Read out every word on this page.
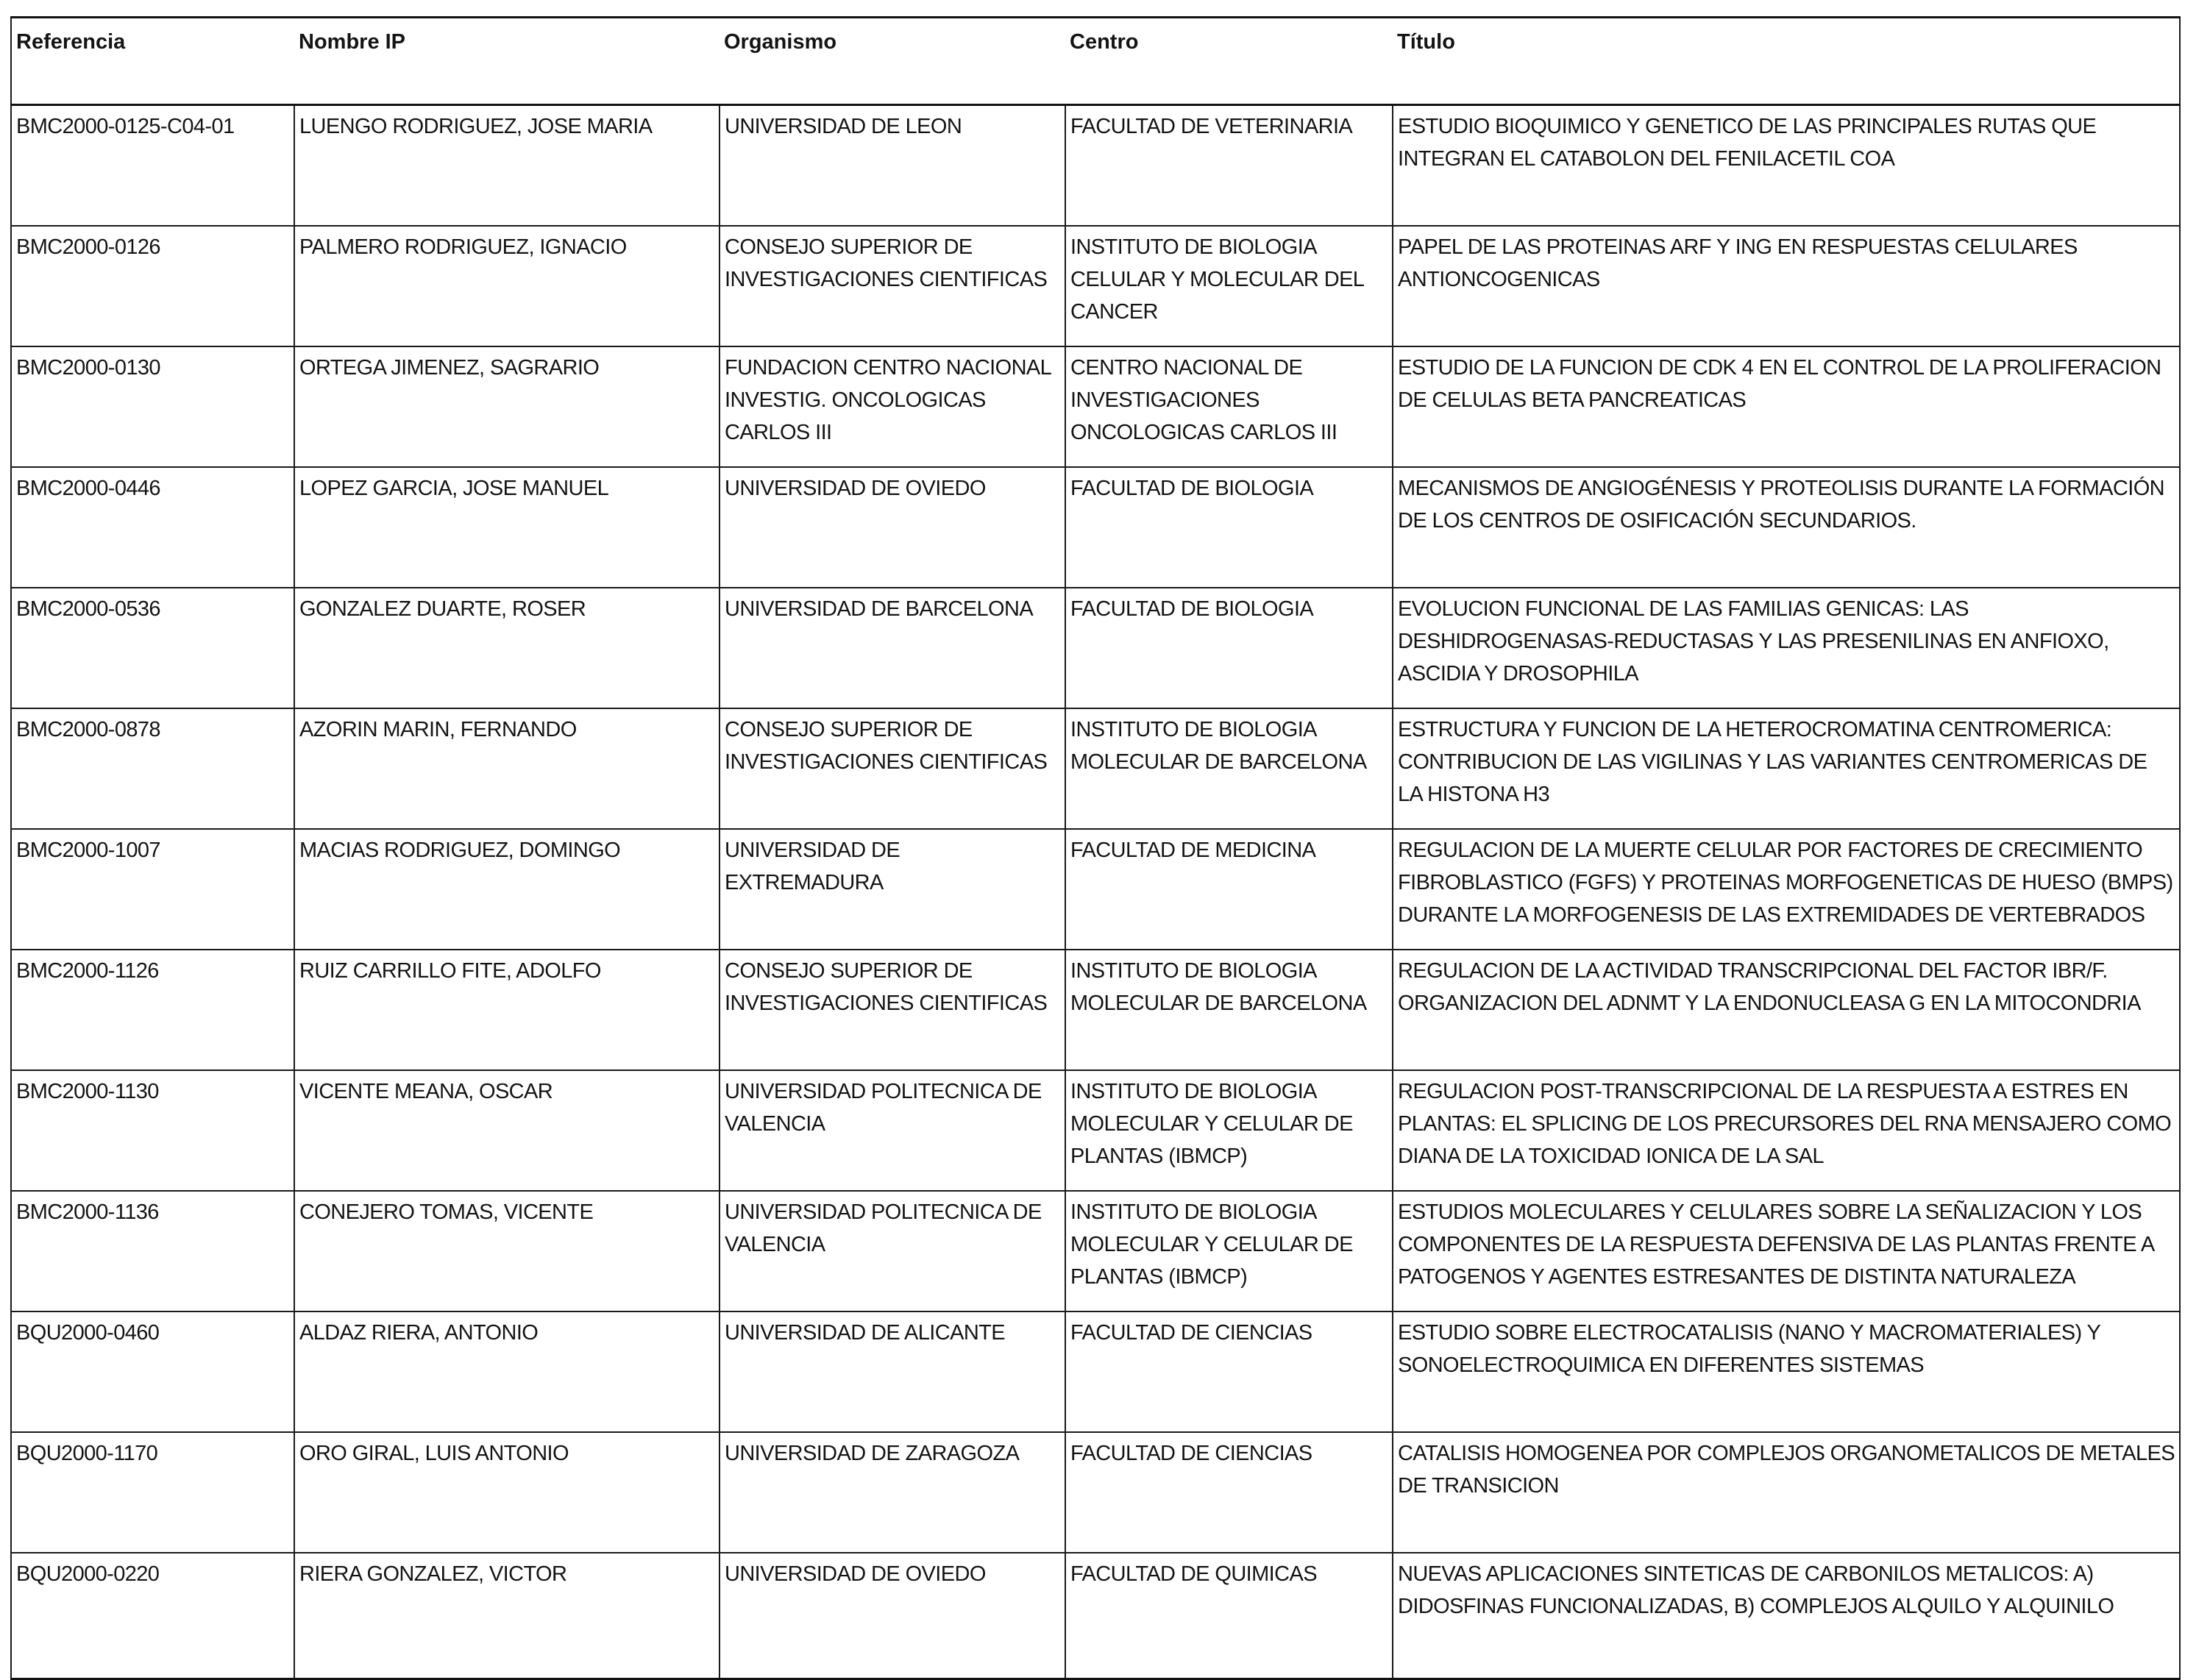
Referencia	Nombre IP	Organismo	Centro	Título
BMC2000-0125-C04-01	LUENGO RODRIGUEZ, JOSE MARIA	UNIVERSIDAD DE LEON	FACULTAD DE VETERINARIA	ESTUDIO BIOQUIMICO Y GENETICO DE LAS PRINCIPALES RUTAS QUE INTEGRAN EL CATABOLON DEL FENILACETIL COA
BMC2000-0126	PALMERO RODRIGUEZ, IGNACIO	CONSEJO SUPERIOR DE INVESTIGACIONES CIENTIFICAS	INSTITUTO DE BIOLOGIA CELULAR Y MOLECULAR DEL CANCER	PAPEL DE LAS PROTEINAS ARF Y ING EN RESPUESTAS CELULARES ANTIONCOGENICAS
BMC2000-0130	ORTEGA JIMENEZ, SAGRARIO	FUNDACION CENTRO NACIONAL INVESTIG. ONCOLOGICAS CARLOS III	CENTRO NACIONAL DE INVESTIGACIONES ONCOLOGICAS CARLOS III	ESTUDIO DE LA FUNCION DE CDK 4 EN EL CONTROL DE LA PROLIFERACION DE CELULAS BETA PANCREATICAS
BMC2000-0446	LOPEZ GARCIA, JOSE MANUEL	UNIVERSIDAD DE OVIEDO	FACULTAD DE BIOLOGIA	MECANISMOS DE ANGIOGÉNESIS Y PROTEOLISIS DURANTE LA FORMACIÓN DE LOS CENTROS DE OSIFICACIÓN SECUNDARIOS.
BMC2000-0536	GONZALEZ DUARTE, ROSER	UNIVERSIDAD DE BARCELONA	FACULTAD DE BIOLOGIA	EVOLUCION FUNCIONAL DE LAS FAMILIAS GENICAS: LAS DESHIDROGENASAS-REDUCTASAS Y LAS PRESENILINAS EN ANFIOXO, ASCIDIA Y DROSOPHILA
BMC2000-0878	AZORIN MARIN, FERNANDO	CONSEJO SUPERIOR DE INVESTIGACIONES CIENTIFICAS	INSTITUTO DE BIOLOGIA MOLECULAR DE BARCELONA	ESTRUCTURA Y FUNCION DE LA HETEROCROMATINA CENTROMERICA: CONTRIBUCION DE LAS VIGILINAS Y LAS VARIANTES CENTROMERICAS DE LA HISTONA H3
BMC2000-1007	MACIAS RODRIGUEZ, DOMINGO	UNIVERSIDAD DE EXTREMADURA	FACULTAD DE MEDICINA	REGULACION DE LA MUERTE CELULAR POR FACTORES DE CRECIMIENTO FIBROBLASTICO (FGFS) Y PROTEINAS MORFOGENETICAS DE HUESO (BMPS) DURANTE LA MORFOGENESIS DE LAS EXTREMIDADES DE VERTEBRADOS
BMC2000-1126	RUIZ CARRILLO FITE, ADOLFO	CONSEJO SUPERIOR DE INVESTIGACIONES CIENTIFICAS	INSTITUTO DE BIOLOGIA MOLECULAR DE BARCELONA	REGULACION DE LA ACTIVIDAD TRANSCRIPCIONAL DEL FACTOR IBR/F. ORGANIZACION DEL ADNMT Y LA ENDONUCLEASA G EN LA MITOCONDRIA
BMC2000-1130	VICENTE MEANA, OSCAR	UNIVERSIDAD POLITECNICA DE VALENCIA	INSTITUTO DE BIOLOGIA MOLECULAR Y CELULAR DE PLANTAS (IBMCP)	REGULACION POST-TRANSCRIPCIONAL DE LA RESPUESTA A ESTRES EN PLANTAS: EL SPLICING DE LOS PRECURSORES DEL RNA MENSAJERO COMO DIANA DE LA TOXICIDAD IONICA DE LA SAL
BMC2000-1136	CONEJERO TOMAS, VICENTE	UNIVERSIDAD POLITECNICA DE VALENCIA	INSTITUTO DE BIOLOGIA MOLECULAR Y CELULAR DE PLANTAS (IBMCP)	ESTUDIOS MOLECULARES Y CELULARES SOBRE LA SEÑALIZACION Y LOS COMPONENTES DE LA RESPUESTA DEFENSIVA DE LAS PLANTAS FRENTE A PATOGENOS Y AGENTES ESTRESANTES DE DISTINTA NATURALEZA
BQU2000-0460	ALDAZ RIERA, ANTONIO	UNIVERSIDAD DE ALICANTE	FACULTAD DE CIENCIAS	ESTUDIO SOBRE ELECTROCATALISIS (NANO Y MACROMATERIALES) Y SONOELECTROQUIMICA EN DIFERENTES SISTEMAS
BQU2000-1170	ORO GIRAL, LUIS ANTONIO	UNIVERSIDAD DE ZARAGOZA	FACULTAD DE CIENCIAS	CATALISIS HOMOGENEA POR COMPLEJOS ORGANOMETALICOS DE METALES DE TRANSICION
BQU2000-0220	RIERA GONZALEZ, VICTOR	UNIVERSIDAD DE OVIEDO	FACULTAD DE QUIMICAS	NUEVAS APLICACIONES SINTETICAS DE CARBONILOS METALICOS: A) DIDOSFINAS FUNCIONALIZADAS, B) COMPLEJOS ALQUILO Y ALQUINILO
